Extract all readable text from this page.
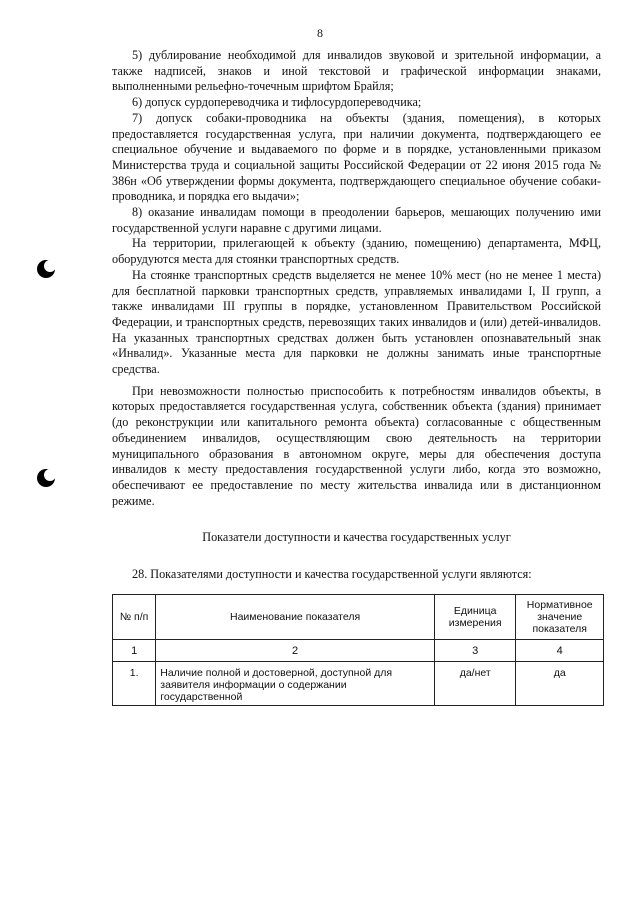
8

5) дублирование необходимой для инвалидов звуковой и зрительной информации, а также надписей, знаков и иной текстовой и графической информации знаками, выполненными рельефно-точечным шрифтом Брайля;

6) допуск сурдопереводчика и тифлосурдопереводчика;

7) допуск собаки-проводника на объекты (здания, помещения), в которых предоставляется государственная услуга, при наличии документа, подтверждающего ее специальное обучение и выдаваемого по форме и в порядке, установленными приказом Министерства труда и социальной защиты Российской Федерации от 22 июня 2015 года № 386н «Об утверждении формы документа, подтверждающего специальное обучение собаки-проводника, и порядка его выдачи»;

8) оказание инвалидам помощи в преодолении барьеров, мешающих получению ими государственной услуги наравне с другими лицами.

На территории, прилегающей к объекту (зданию, помещению) департамента, МФЦ, оборудуются места для стоянки транспортных средств.

На стоянке транспортных средств выделяется не менее 10% мест (но не менее 1 места) для бесплатной парковки транспортных средств, управляемых инвалидами I, II групп, а также инвалидами III группы в порядке, установленном Правительством Российской Федерации, и транспортных средств, перевозящих таких инвалидов и (или) детей-инвалидов. На указанных транспортных средствах должен быть установлен опознавательный знак «Инвалид». Указанные места для парковки не должны занимать иные транспортные средства.

При невозможности полностью приспособить к потребностям инвалидов объекты, в которых предоставляется государственная услуга, собственник объекта (здания) принимает (до реконструкции или капитального ремонта объекта) согласованные с общественным объединением инвалидов, осуществляющим свою деятельность на территории муниципального образования в автономном округе, меры для обеспечения доступа инвалидов к месту предоставления государственной услуги либо, когда это возможно, обеспечивают ее предоставление по месту жительства инвалида или в дистанционном режиме.

Показатели доступности и качества государственных услуг
28. Показателями доступности и качества государственной услуги являются:
№ п/п	Наименование показателя	Единица измерения	Нормативное значение показателя
1	2	3	4
1.	Наличие полной и достоверной, доступной для заявителя информации о содержании государственной	да/нет	да
